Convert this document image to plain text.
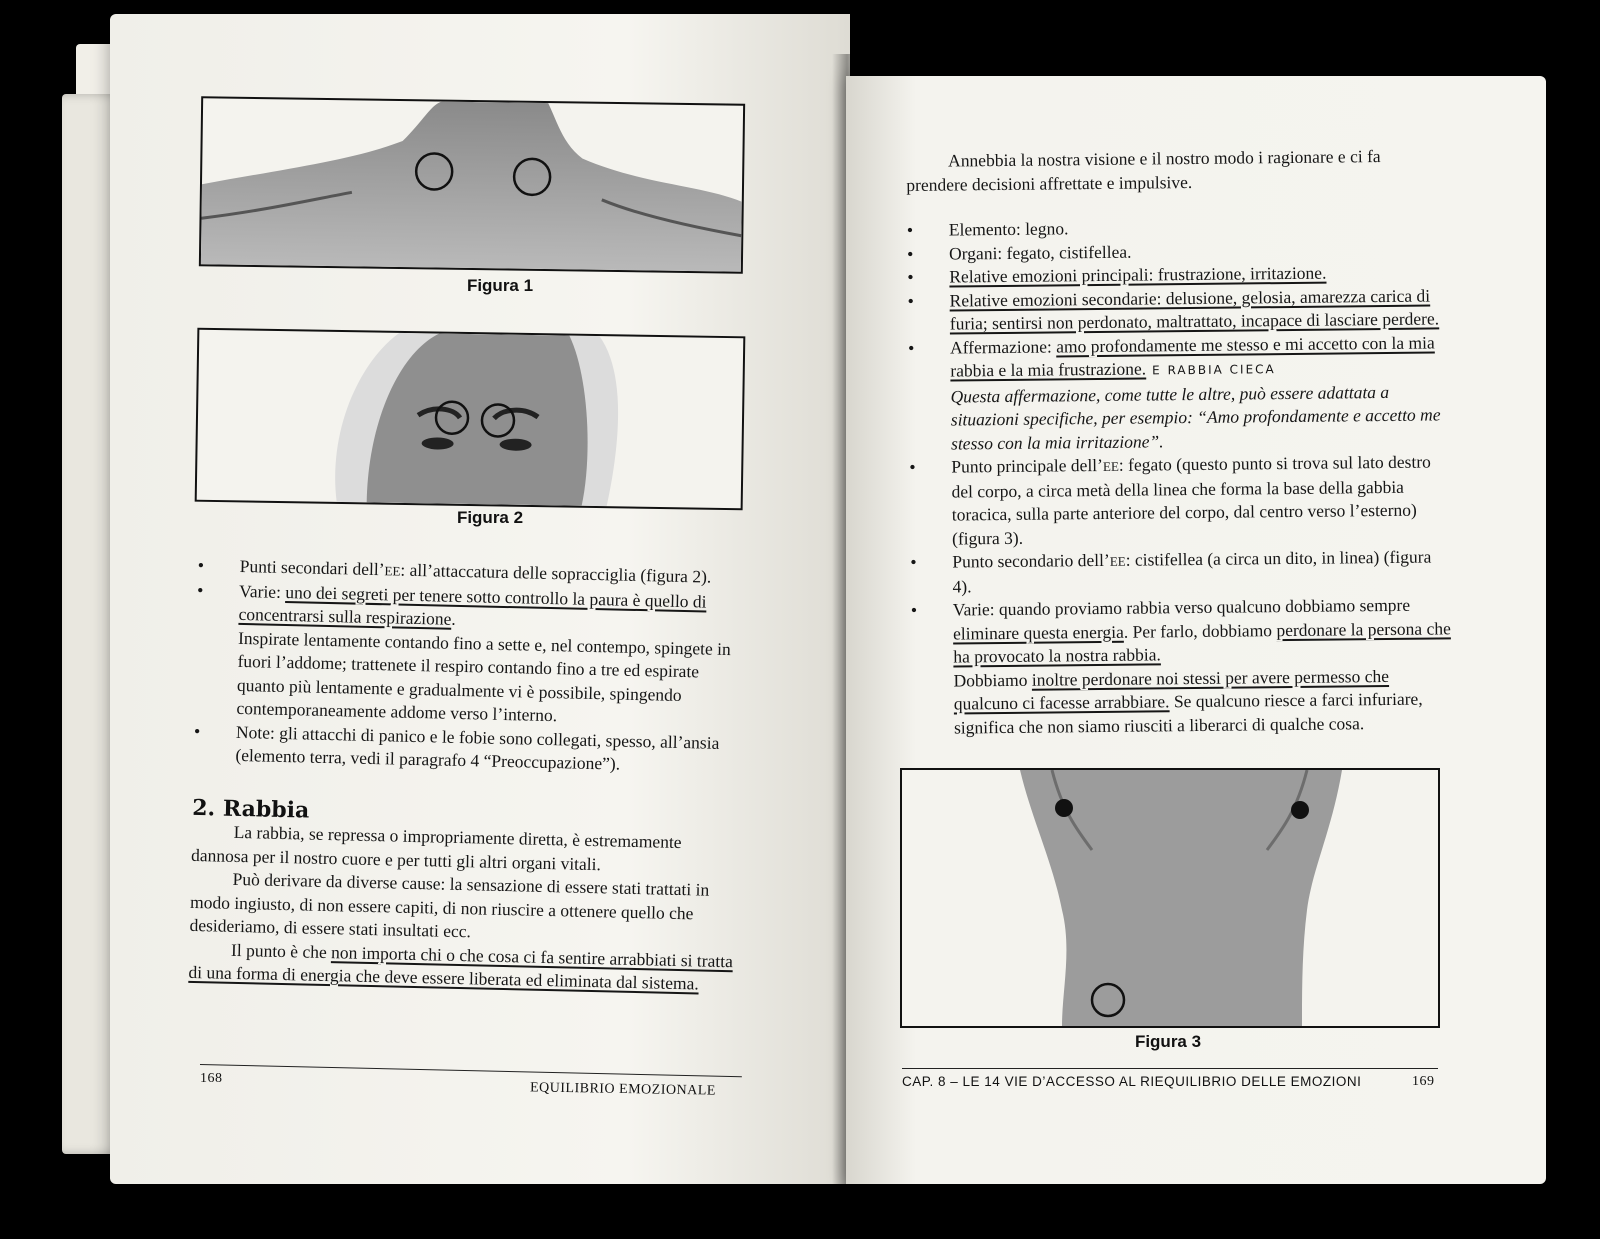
Figura 1
Figura 2
• Punti secondari dell’EE: all’attaccatura delle sopracciglia (figura 2).
• Varie: uno dei segreti per tenere sotto controllo la paura è quello di concentrarsi sulla respirazione.
Inspirate lentamente contando fino a sette e, nel contempo, spingete in fuori l’addome; trattenete il respiro contando fino a tre ed espirate quanto più lentamente e gradualmente vi è possibile, spingendo contemporaneamente addome verso l’interno.
• Note: gli attacchi di panico e le fobie sono collegati, spesso, all’ansia (elemento terra, vedi il paragrafo 4 “Preoccupazione”).
2. Rabbia

La rabbia, se repressa o impropriamente diretta, è estremamente dannosa per il nostro cuore e per tutti gli altri organi vitali.

Può derivare da diverse cause: la sensazione di essere stati trattati in modo ingiusto, di non essere capiti, di non riuscire a ottenere quello che desideriamo, di essere stati insultati ecc.

Il punto è che non importa chi o che cosa ci fa sentire arrabbiati si tratta di una forma di energia che deve essere liberata ed eliminata dal sistema.

168
EQUILIBRIO EMOZIONALE

Annebbia la nostra visione e il nostro modo i ragionare e ci fa prendere decisioni affrettate e impulsive.

• Elemento: legno.
• Organi: fegato, cistifellea.
• Relative emozioni principali: frustrazione, irritazione.
• Relative emozioni secondarie: delusione, gelosia, amarezza carica di furia; sentirsi non perdonato, maltrattato, incapace di lasciare perdere.
• Affermazione: amo profondamente me stesso e mi accetto con la mia rabbia e la mia frustrazione. E RABBIA CIECA
Questa affermazione, come tutte le altre, può essere adattata a situazioni specifiche, per esempio: “Amo profondamente e accetto me stesso con la mia irritazione”.
• Punto principale dell’EE: fegato (questo punto si trova sul lato destro del corpo, a circa metà della linea che forma la base della gabbia toracica, sulla parte anteriore del corpo, dal centro verso l’esterno) (figura 3).
• Punto secondario dell’EE: cistifellea (a circa un dito, in linea) (figura 4).
• Varie: quando proviamo rabbia verso qualcuno dobbiamo sempre eliminare questa energia. Per farlo, dobbiamo perdonare la persona che ha provocato la nostra rabbia.
Dobbiamo inoltre perdonare noi stessi per avere permesso che qualcuno ci facesse arrabbiare. Se qualcuno riesce a farci infuriare, significa che non siamo riusciti a liberarci di qualche cosa.
Figura 3
CAP. 8 – LE 14 VIE D’ACCESSO AL RIEQUILIBRIO DELLE EMOZIONI	169
